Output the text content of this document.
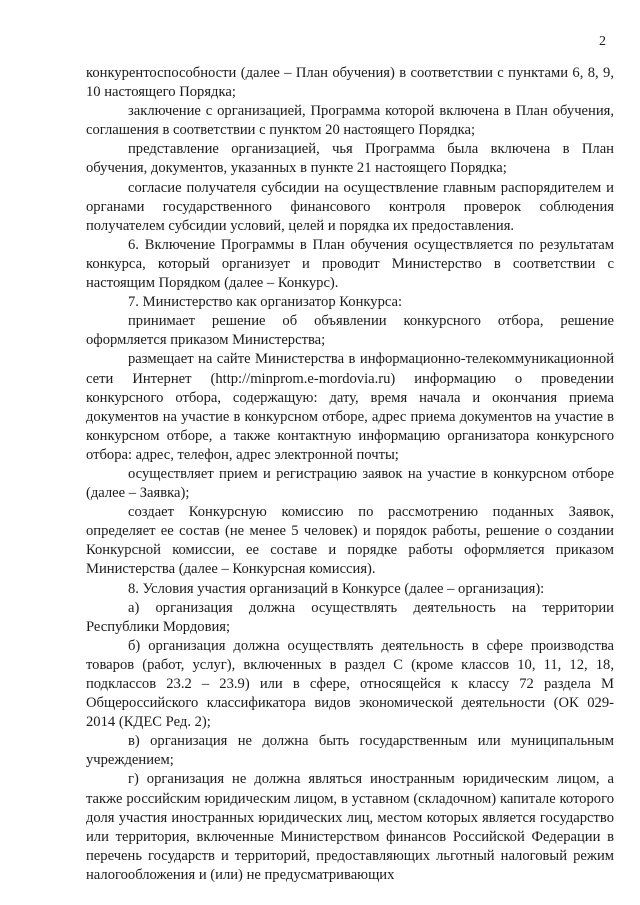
2

конкурентоспособности (далее – План обучения) в соответствии с пунктами 6, 8, 9, 10 настоящего Порядка;

заключение с организацией, Программа которой включена в План обучения, соглашения в соответствии с пунктом 20 настоящего Порядка;

представление организацией, чья Программа была включена в План обучения, документов, указанных в пункте 21 настоящего Порядка;

согласие получателя субсидии на осуществление главным распорядителем и органами государственного финансового контроля проверок соблюдения получателем субсидии условий, целей и порядка их предоставления.

6. Включение Программы в План обучения осуществляется по результатам конкурса, который организует и проводит Министерство в соответствии с настоящим Порядком (далее – Конкурс).

7. Министерство как организатор Конкурса:

принимает решение об объявлении конкурсного отбора, решение оформляется приказом Министерства;

размещает на сайте Министерства в информационно-телекоммуникационной сети Интернет (http://minprom.e-mordovia.ru) информацию о проведении конкурсного отбора, содержащую: дату, время начала и окончания приема документов на участие в конкурсном отборе, адрес приема документов на участие в конкурсном отборе, а также контактную информацию организатора конкурсного отбора: адрес, телефон, адрес электронной почты;

осуществляет прием и регистрацию заявок на участие в конкурсном отборе (далее – Заявка);

создает Конкурсную комиссию по рассмотрению поданных Заявок, определяет ее состав (не менее 5 человек) и порядок работы, решение о создании Конкурсной комиссии, ее составе и порядке работы оформляется приказом Министерства (далее – Конкурсная комиссия).

8. Условия участия организаций в Конкурсе (далее – организация):

а) организация должна осуществлять деятельность на территории Республики Мордовия;

б) организация должна осуществлять деятельность в сфере производства товаров (работ, услуг), включенных в раздел С (кроме классов 10, 11, 12, 18, подклассов 23.2 – 23.9) или в сфере, относящейся к классу 72 раздела М Общероссийского классификатора видов экономической деятельности (ОК 029-2014 (КДЕС Ред. 2);

в) организация не должна быть государственным или муниципальным учреждением;

г) организация не должна являться иностранным юридическим лицом, а также российским юридическим лицом, в уставном (складочном) капитале которого доля участия иностранных юридических лиц, местом которых является государство или территория, включенные Министерством финансов Российской Федерации в перечень государств и территорий, предоставляющих льготный налоговый режим налогообложения и (или) не предусматривающих
